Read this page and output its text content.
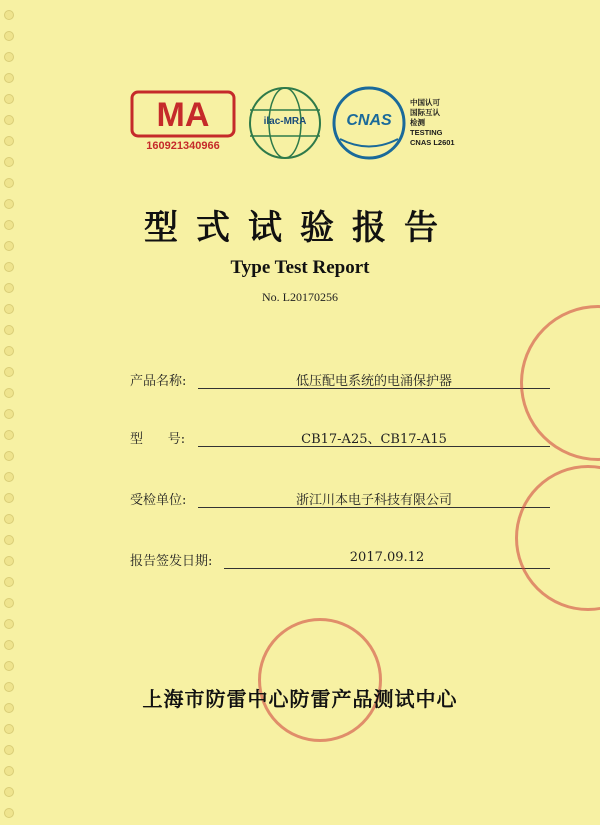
MA
160921340966
ilac-MRA	CNAS
中国认可
国际互认
检测
TESTING
CNAS L2601
型式试验报告
Type Test Report
No. L20170256
产品名称:	低压配电系统的电涌保护器
型      号:	CB17-A25、CB17-A15
受检单位:	浙江川本电子科技有限公司
报告签发日期:	2017.09.12
上海市防雷中心防雷产品测试中心
